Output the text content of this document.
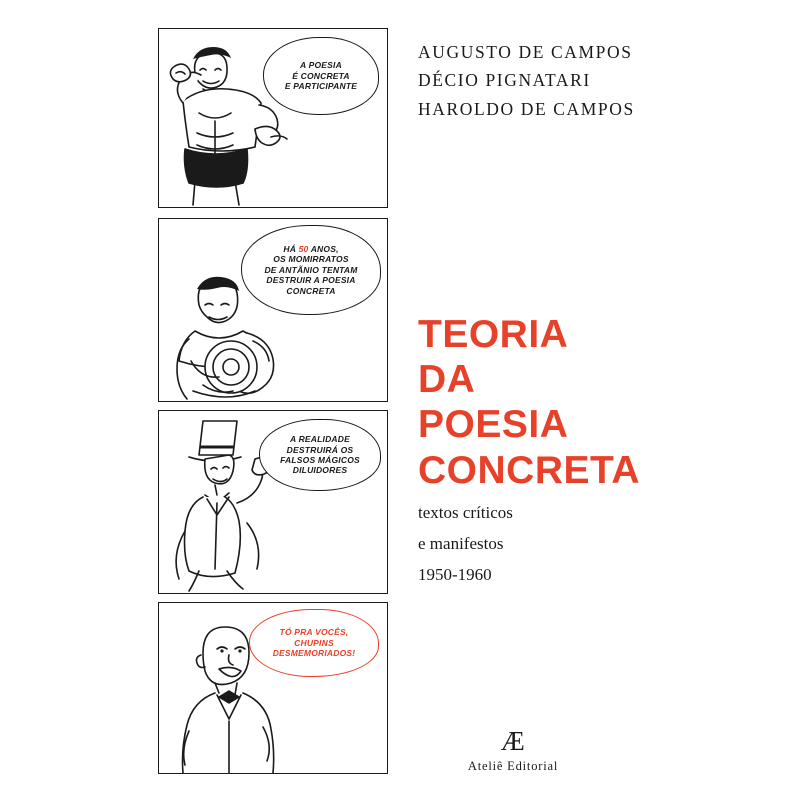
A POESIA
É CONCRETA
E PARTICIPANTE
HÁ 50 ANOS,
OS MOMIRRATOS
DE ANTÃNIO TENTAM
DESTRUIR A POESIA
CONCRETA
A REALIDADE
DESTRUIRÁ OS
FALSOS MÁGICOS
DILUIDORES
TÓ PRA VOCÊS,
CHUPINS
DESMEMORIADOS!
AUGUSTO DE CAMPOS
DÉCIO PIGNATARI
HAROLDO DE CAMPOS
TEORIA
DA
POESIA
CONCRETA
textos críticos
e manifestos
1950-1960
Æ
Ateliê Editorial
